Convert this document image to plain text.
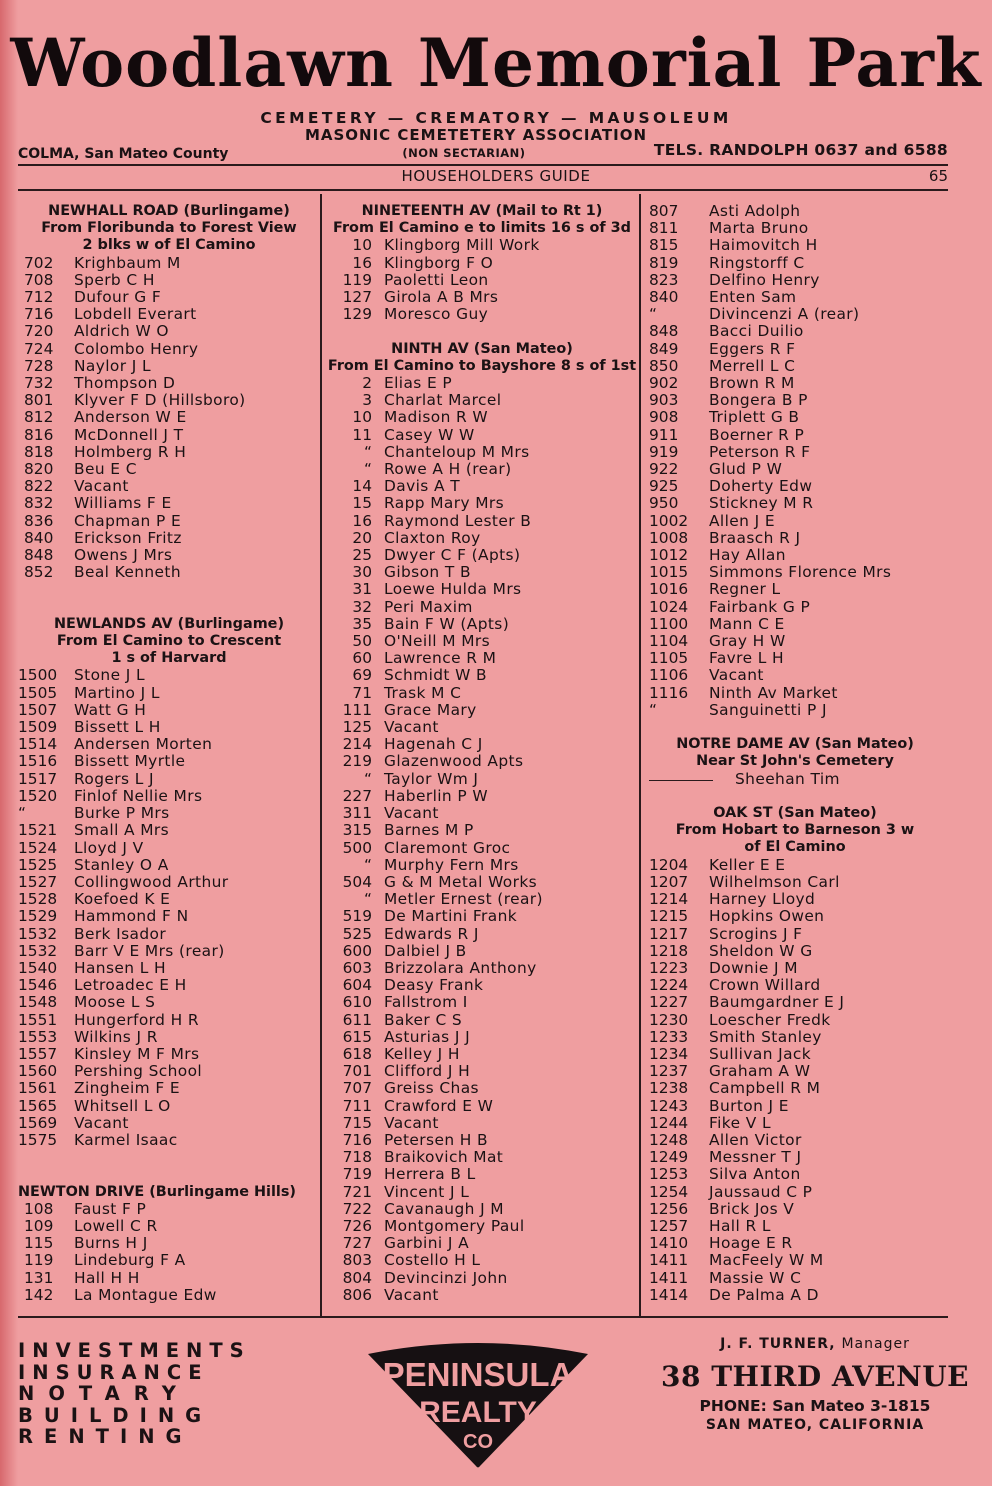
Woodlawn Memorial Park
CEMETERY — CREMATORY — MAUSOLEUM
MASONIC CEMETETERY ASSOCIATION
COLMA, San Mateo County	(NON SECTARIAN)	TELS. RANDOLPH 0637 and 6588
HOUSEHOLDERS GUIDE	65
NEWHALL ROAD (Burlingame)
From Floribunda to Forest View
2 blks w of El Camino
702	Krighbaum M
708	Sperb C H
712	Dufour G F
716	Lobdell Everart
720	Aldrich W O
724	Colombo Henry
728	Naylor J L
732	Thompson D
801	Klyver F D (Hillsboro)
812	Anderson W E
816	McDonnell J T
818	Holmberg R H
820	Beu E C
822	Vacant
832	Williams F E
836	Chapman P E
840	Erickson Fritz
848	Owens J Mrs
852	Beal Kenneth
NEWLANDS AV (Burlingame)
From El Camino to Crescent
1 s of Harvard
1500	Stone J L
1505	Martino J L
1507	Watt G H
1509	Bissett L H
1514	Andersen Morten
1516	Bissett Myrtle
1517	Rogers L J
1520	Finlof Nellie Mrs
“	Burke P Mrs
1521	Small A Mrs
1524	Lloyd J V
1525	Stanley O A
1527	Collingwood Arthur
1528	Koefoed K E
1529	Hammond F N
1532	Berk Isador
1532	Barr V E Mrs (rear)
1540	Hansen L H
1546	Letroadec E H
1548	Moose L S
1551	Hungerford H R
1553	Wilkins J R
1557	Kinsley M F Mrs
1560	Pershing School
1561	Zingheim F E
1565	Whitsell L O
1569	Vacant
1575	Karmel Isaac
NEWTON DRIVE (Burlingame Hills)
108	Faust F P
109	Lowell C R
115	Burns H J
119	Lindeburg F A
131	Hall H H
142	La Montague Edw
NINETEENTH AV (Mail to Rt 1)
From El Camino e to limits 16 s of 3d
10 Klingborg Mill Work
16 Klingborg F O
119 Paoletti Leon
127 Girola A B Mrs
129 Moresco Guy
NINTH AV (San Mateo)
From El Camino to Bayshore 8 s of 1st
2 Elias E P
3 Charlat Marcel
10 Madison R W
11 Casey W W
“ Chanteloup M Mrs
“ Rowe A H (rear)
14 Davis A T
15 Rapp Mary Mrs
16 Raymond Lester B
20 Claxton Roy
25 Dwyer C F (Apts)
30 Gibson T B
31 Loewe Hulda Mrs
32 Peri Maxim
35 Bain F W (Apts)
50 O'Neill M Mrs
60 Lawrence R M
69 Schmidt W B
71 Trask M C
111 Grace Mary
125 Vacant
214 Hagenah C J
219 Glazenwood Apts
“ Taylor Wm J
227 Haberlin P W
311 Vacant
315 Barnes M P
500 Claremont Groc
“ Murphy Fern Mrs
504 G & M Metal Works
“ Metler Ernest (rear)
519 De Martini Frank
525 Edwards R J
600 Dalbiel J B
603 Brizzolara Anthony
604 Deasy Frank
610 Fallstrom I
611 Baker C S
615 Asturias J J
618 Kelley J H
701 Clifford J H
707 Greiss Chas
711 Crawford E W
715 Vacant
716 Petersen H B
718 Braikovich Mat
719 Herrera B L
721 Vincent J L
722 Cavanaugh J M
726 Montgomery Paul
727 Garbini J A
803 Costello H L
804 Devincinzi John
806 Vacant
807	Asti Adolph
811	Marta Bruno
815	Haimovitch H
819	Ringstorff C
823	Delfino Henry
840	Enten Sam
“	Divincenzi A (rear)
848	Bacci Duilio
849	Eggers R F
850	Merrell L C
902	Brown R M
903	Bongera B P
908	Triplett G B
911	Boerner R P
919	Peterson R F
922	Glud P W
925	Doherty Edw
950	Stickney M R
1002	Allen J E
1008	Braasch R J
1012	Hay Allan
1015	Simmons Florence Mrs
1016	Regner L
1024	Fairbank G P
1100	Mann C E
1104	Gray H W
1105	Favre L H
1106	Vacant
1116	Ninth Av Market
“	Sanguinetti P J
NOTRE DAME AV (San Mateo)
Near St John's Cemetery
Sheehan Tim
OAK ST (San Mateo)
From Hobart to Barneson 3 w
of El Camino
1204	Keller E E
1207	Wilhelmson Carl
1214	Harney Lloyd
1215	Hopkins Owen
1217	Scrogins J F
1218	Sheldon W G
1223	Downie J M
1224	Crown Willard
1227	Baumgardner E J
1230	Loescher Fredk
1233	Smith Stanley
1234	Sullivan Jack
1237	Graham A W
1238	Campbell R M
1243	Burton J E
1244	Fike V L
1248	Allen Victor
1249	Messner T J
1253	Silva Anton
1254	Jaussaud C P
1256	Brick Jos V
1257	Hall R L
1410	Hoage E R
1411	MacFeely W M
1411	Massie W C
1414	De Palma A D
INVESTMENTS
INSURANCE
NOTARY
BUILDING
RENTING
PENINSULA
REALTY
CO
J. F. TURNER, Manager
38 THIRD AVENUE
PHONE: San Mateo 3-1815
SAN MATEO, CALIFORNIA
